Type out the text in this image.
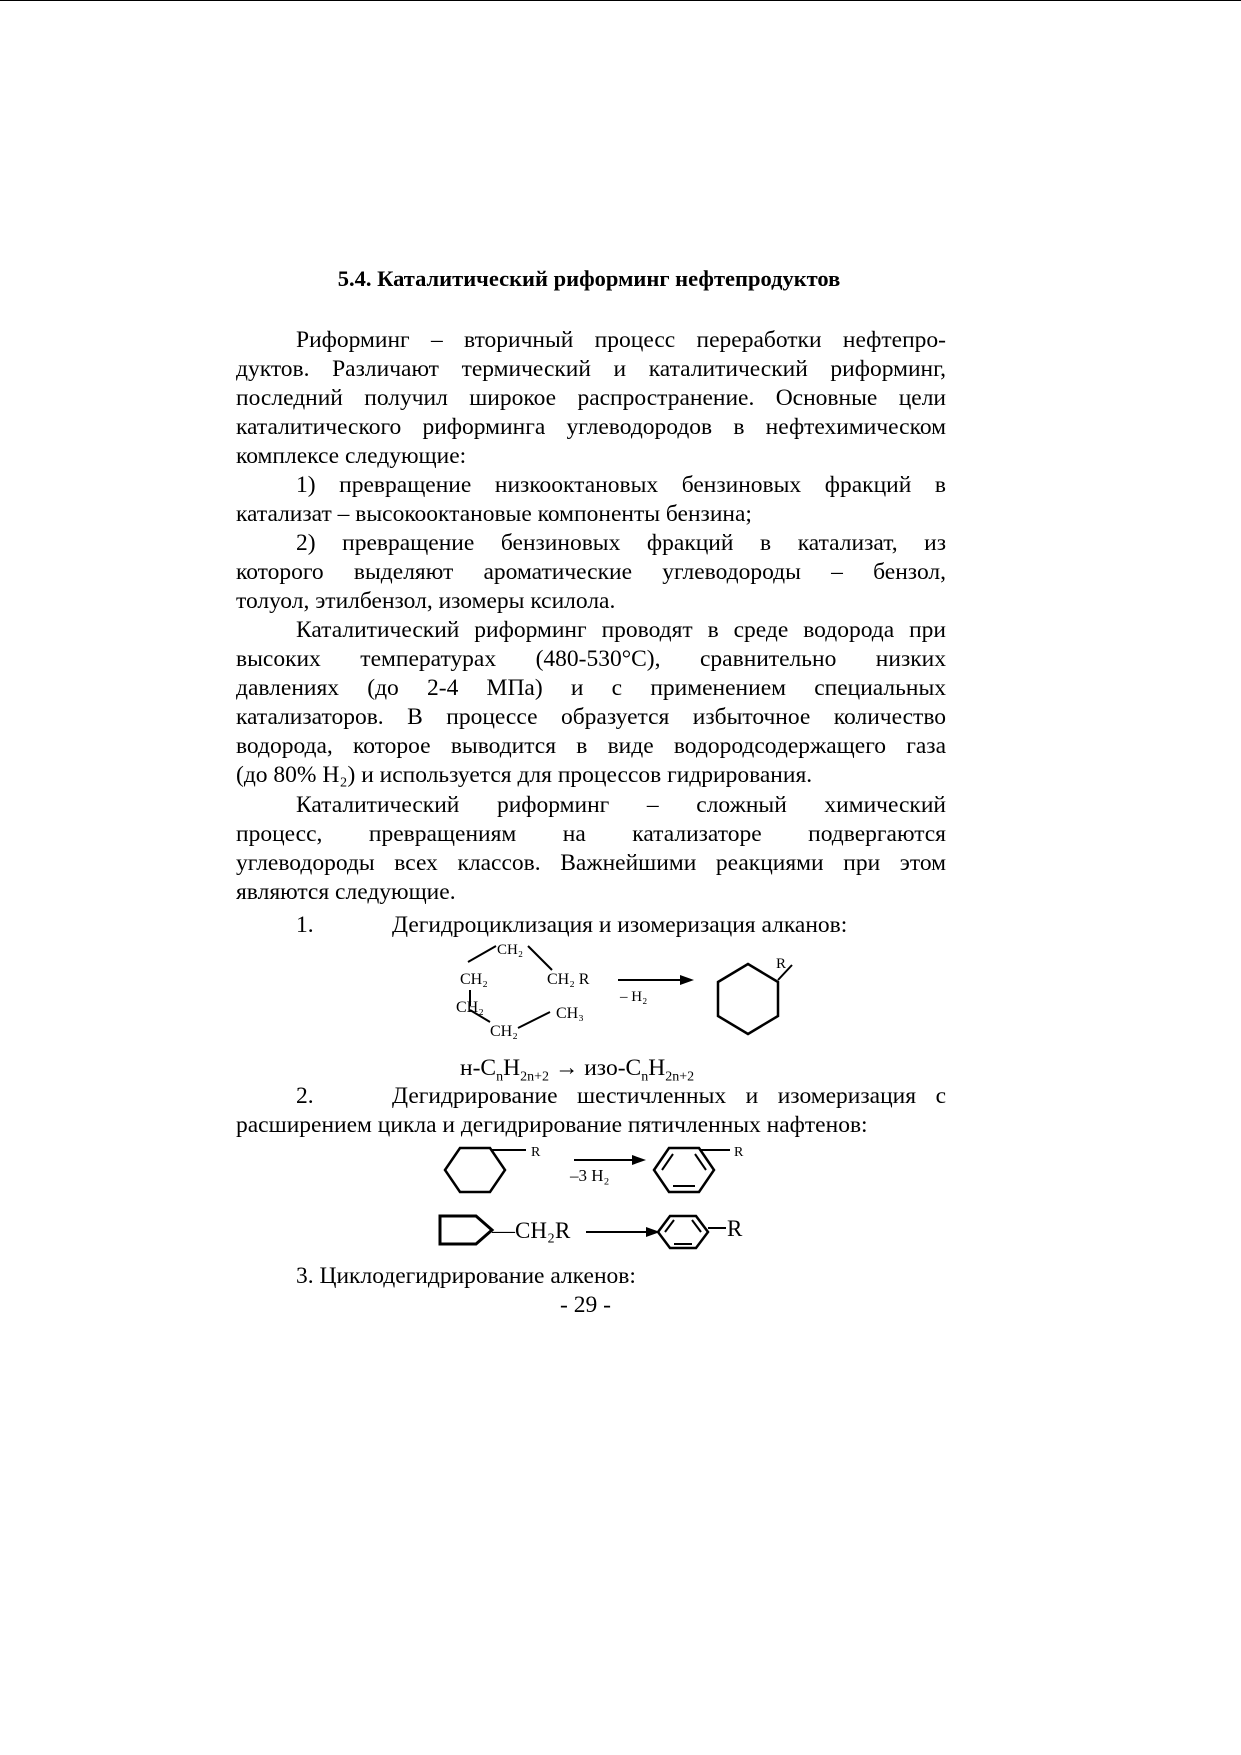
5.4. Каталитический риформинг нефтепродуктов
Риформинг – вторичный процесс переработки нефтепро-
дуктов. Различают термический и каталитический риформинг,
последний получил широкое распространение. Основные цели
каталитического риформинга углеводородов в нефтехимическом
комплексе следующие:
1) превращение низкооктановых бензиновых фракций в
катализат – высокооктановые компоненты бензина;
2) превращение бензиновых фракций в катализат, из
которого выделяют ароматические углеводороды – бензол,
толуол, этилбензол, изомеры ксилола.
Каталитический риформинг проводят в среде водорода при
высоких температурах (480-530°С), сравнительно низких
давлениях (до 2-4 МПа) и с применением специальных
катализаторов. В процессе образуется избыточное количество
водорода, которое выводится в виде водородсодержащего газа
(до 80% H₂) и используется для процессов гидрирования.
Каталитический риформинг – сложный химический
процесс, превращениям на катализаторе подвергаются
углеводороды всех классов. Важнейшими реакциями при этом
являются следующие.
1.	Дегидроциклизация и изомеризация алканов:
CH₂
CH₂	CH₂ R
CH₂
CH₂
CH₃
– H₂
R
$н-C_nH_{2n+2} \to изо-C_nH_{2n+2}$
2.	Дегидрирование шестичленных и изомеризация с
расширением цикла и дегидрирование пятичленных нафтенов:
R
–3 H₂
R
—CH₂R	R
3. Циклодегидрирование алкенов:
- 29 -
